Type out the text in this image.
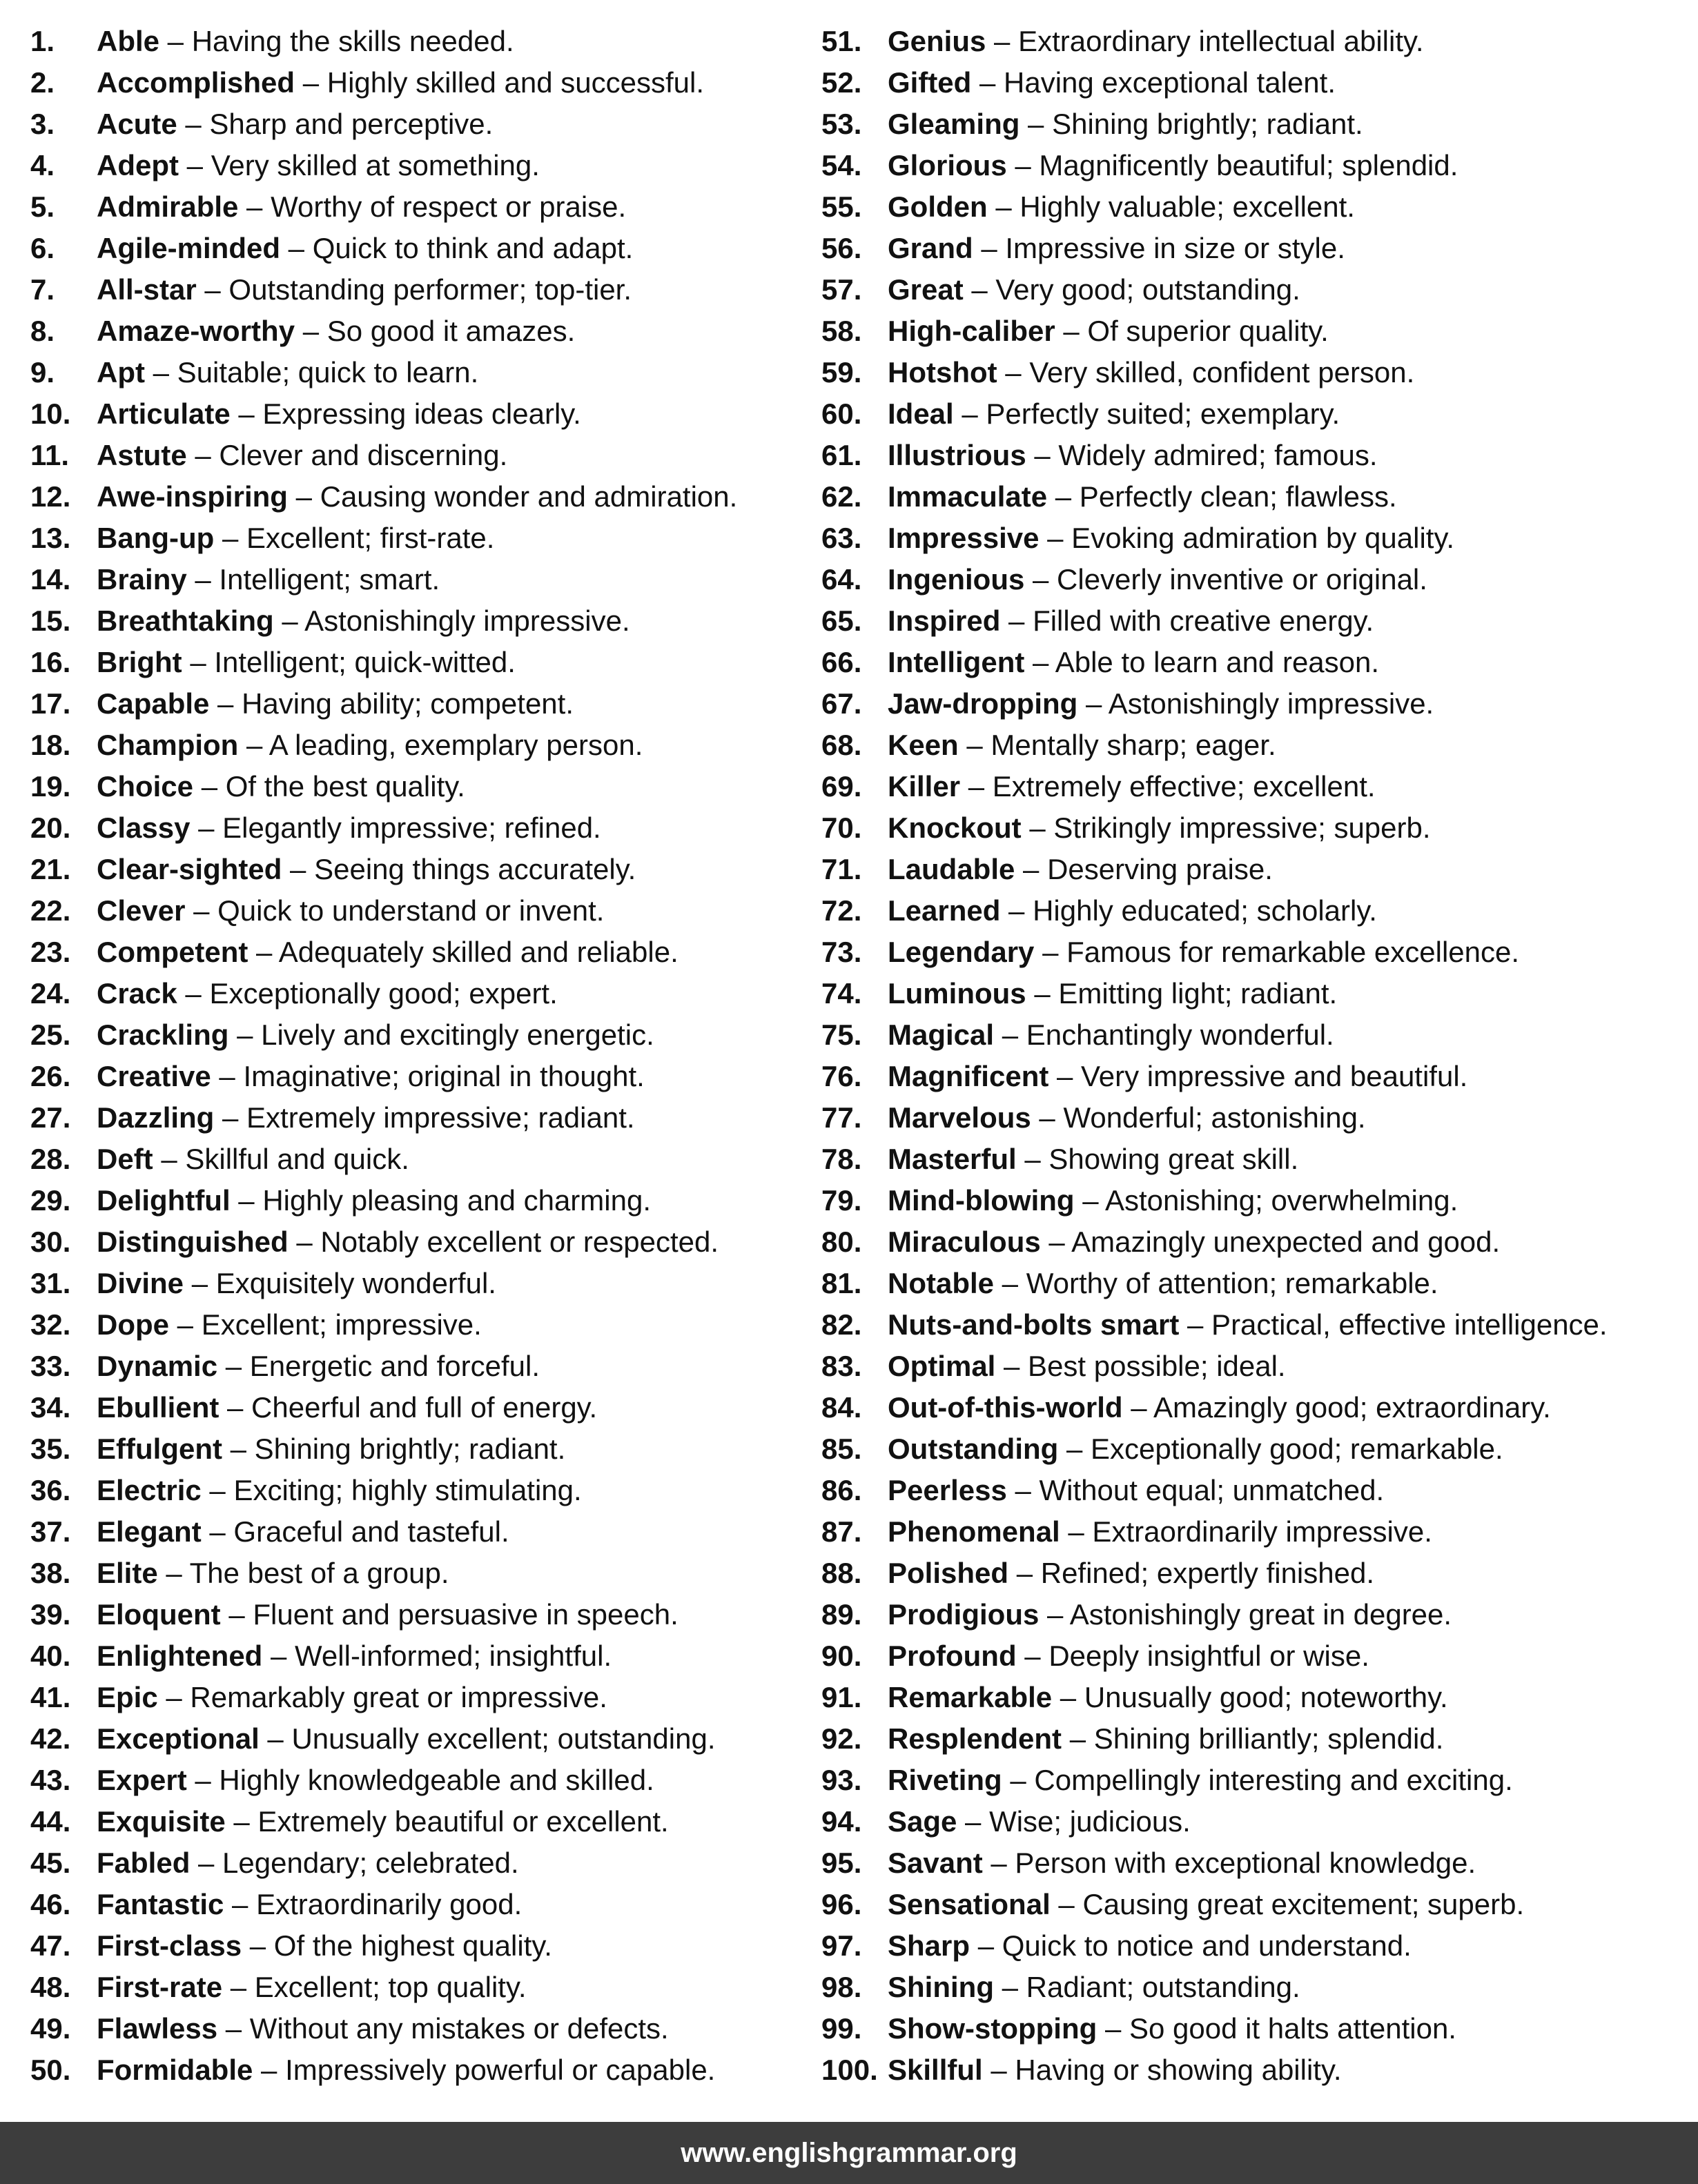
1. Able – Having the skills needed.
2. Accomplished – Highly skilled and successful.
3. Acute – Sharp and perceptive.
4. Adept – Very skilled at something.
5. Admirable – Worthy of respect or praise.
6. Agile-minded – Quick to think and adapt.
7. All-star – Outstanding performer; top-tier.
8. Amaze-worthy – So good it amazes.
9. Apt – Suitable; quick to learn.
10. Articulate – Expressing ideas clearly.
11. Astute – Clever and discerning.
12. Awe-inspiring – Causing wonder and admiration.
13. Bang-up – Excellent; first-rate.
14. Brainy – Intelligent; smart.
15. Breathtaking – Astonishingly impressive.
16. Bright – Intelligent; quick-witted.
17. Capable – Having ability; competent.
18. Champion – A leading, exemplary person.
19. Choice – Of the best quality.
20. Classy – Elegantly impressive; refined.
21. Clear-sighted – Seeing things accurately.
22. Clever – Quick to understand or invent.
23. Competent – Adequately skilled and reliable.
24. Crack – Exceptionally good; expert.
25. Crackling – Lively and excitingly energetic.
26. Creative – Imaginative; original in thought.
27. Dazzling – Extremely impressive; radiant.
28. Deft – Skillful and quick.
29. Delightful – Highly pleasing and charming.
30. Distinguished – Notably excellent or respected.
31. Divine – Exquisitely wonderful.
32. Dope – Excellent; impressive.
33. Dynamic – Energetic and forceful.
34. Ebullient – Cheerful and full of energy.
35. Effulgent – Shining brightly; radiant.
36. Electric – Exciting; highly stimulating.
37. Elegant – Graceful and tasteful.
38. Elite – The best of a group.
39. Eloquent – Fluent and persuasive in speech.
40. Enlightened – Well-informed; insightful.
41. Epic – Remarkably great or impressive.
42. Exceptional – Unusually excellent; outstanding.
43. Expert – Highly knowledgeable and skilled.
44. Exquisite – Extremely beautiful or excellent.
45. Fabled – Legendary; celebrated.
46. Fantastic – Extraordinarily good.
47. First-class – Of the highest quality.
48. First-rate – Excellent; top quality.
49. Flawless – Without any mistakes or defects.
50. Formidable – Impressively powerful or capable.
51. Genius – Extraordinary intellectual ability.
52. Gifted – Having exceptional talent.
53. Gleaming – Shining brightly; radiant.
54. Glorious – Magnificently beautiful; splendid.
55. Golden – Highly valuable; excellent.
56. Grand – Impressive in size or style.
57. Great – Very good; outstanding.
58. High-caliber – Of superior quality.
59. Hotshot – Very skilled, confident person.
60. Ideal – Perfectly suited; exemplary.
61. Illustrious – Widely admired; famous.
62. Immaculate – Perfectly clean; flawless.
63. Impressive – Evoking admiration by quality.
64. Ingenious – Cleverly inventive or original.
65. Inspired – Filled with creative energy.
66. Intelligent – Able to learn and reason.
67. Jaw-dropping – Astonishingly impressive.
68. Keen – Mentally sharp; eager.
69. Killer – Extremely effective; excellent.
70. Knockout – Strikingly impressive; superb.
71. Laudable – Deserving praise.
72. Learned – Highly educated; scholarly.
73. Legendary – Famous for remarkable excellence.
74. Luminous – Emitting light; radiant.
75. Magical – Enchantingly wonderful.
76. Magnificent – Very impressive and beautiful.
77. Marvelous – Wonderful; astonishing.
78. Masterful – Showing great skill.
79. Mind-blowing – Astonishing; overwhelming.
80. Miraculous – Amazingly unexpected and good.
81. Notable – Worthy of attention; remarkable.
82. Nuts-and-bolts smart – Practical, effective intelligence.
83. Optimal – Best possible; ideal.
84. Out-of-this-world – Amazingly good; extraordinary.
85. Outstanding – Exceptionally good; remarkable.
86. Peerless – Without equal; unmatched.
87. Phenomenal – Extraordinarily impressive.
88. Polished – Refined; expertly finished.
89. Prodigious – Astonishingly great in degree.
90. Profound – Deeply insightful or wise.
91. Remarkable – Unusually good; noteworthy.
92. Resplendent – Shining brilliantly; splendid.
93. Riveting – Compellingly interesting and exciting.
94. Sage – Wise; judicious.
95. Savant – Person with exceptional knowledge.
96. Sensational – Causing great excitement; superb.
97. Sharp – Quick to notice and understand.
98. Shining – Radiant; outstanding.
99. Show-stopping – So good it halts attention.
100. Skillful – Having or showing ability.
www.englishgrammar.org
